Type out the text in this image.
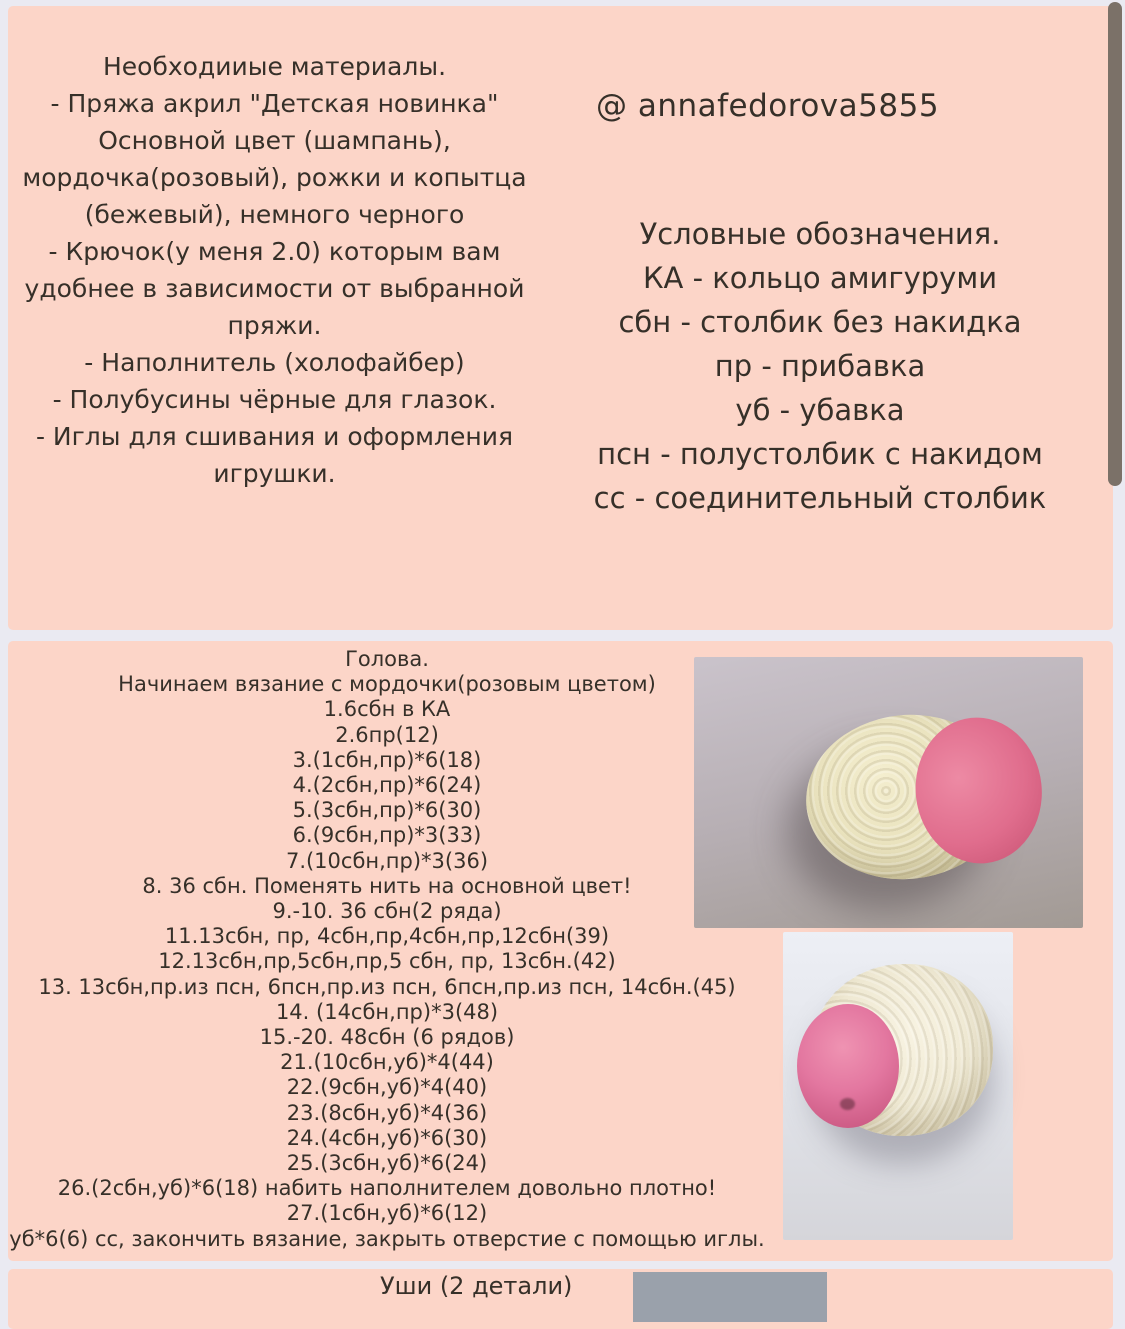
Необходииые материалы.
- Пряжа акрил "Детская новинка"
Основной цвет (шампань),
мордочка(розовый), рожки и копытца
(бежевый), немного черного
- Крючок(у меня 2.0) которым вам
удобнее в зависимости от выбранной
пряжи.
- Наполнитель (холофайбер)
- Полубусины чёрные для глазок.
- Иглы для сшивания и оформления
игрушки.
@ annafedorova5855
Условные обозначения.
КА - кольцо амигуруми
сбн - столбик без накидка
пр - прибавка
уб - убавка
псн - полустолбик с накидом
сс - соединительный столбик
Голова.
Начинаем вязание с мордочки(розовым цветом)
1.6сбн в КА
2.6пр(12)
3.(1сбн,пр)*6(18)
4.(2сбн,пр)*6(24)
5.(3сбн,пр)*6(30)
6.(9сбн,пр)*3(33)
7.(10сбн,пр)*3(36)
8. 36 сбн. Поменять нить на основной цвет!
9.-10. 36 сбн(2 ряда)
11.13сбн, пр, 4сбн,пр,4сбн,пр,12сбн(39)
12.13сбн,пр,5сбн,пр,5 сбн, пр, 13сбн.(42)
13. 13сбн,пр.из псн, 6псн,пр.из псн, 6псн,пр.из псн, 14сбн.(45)
14. (14сбн,пр)*3(48)
15.-20. 48сбн (6 рядов)
21.(10сбн,уб)*4(44)
22.(9сбн,уб)*4(40)
23.(8сбн,уб)*4(36)
24.(4сбн,уб)*6(30)
25.(3сбн,уб)*6(24)
26.(2сбн,уб)*6(18) набить наполнителем довольно плотно!
27.(1сбн,уб)*6(12)
уб*6(6) сс, закончить вязание, закрыть отверстие с помощью иглы.
Уши (2 детали)
